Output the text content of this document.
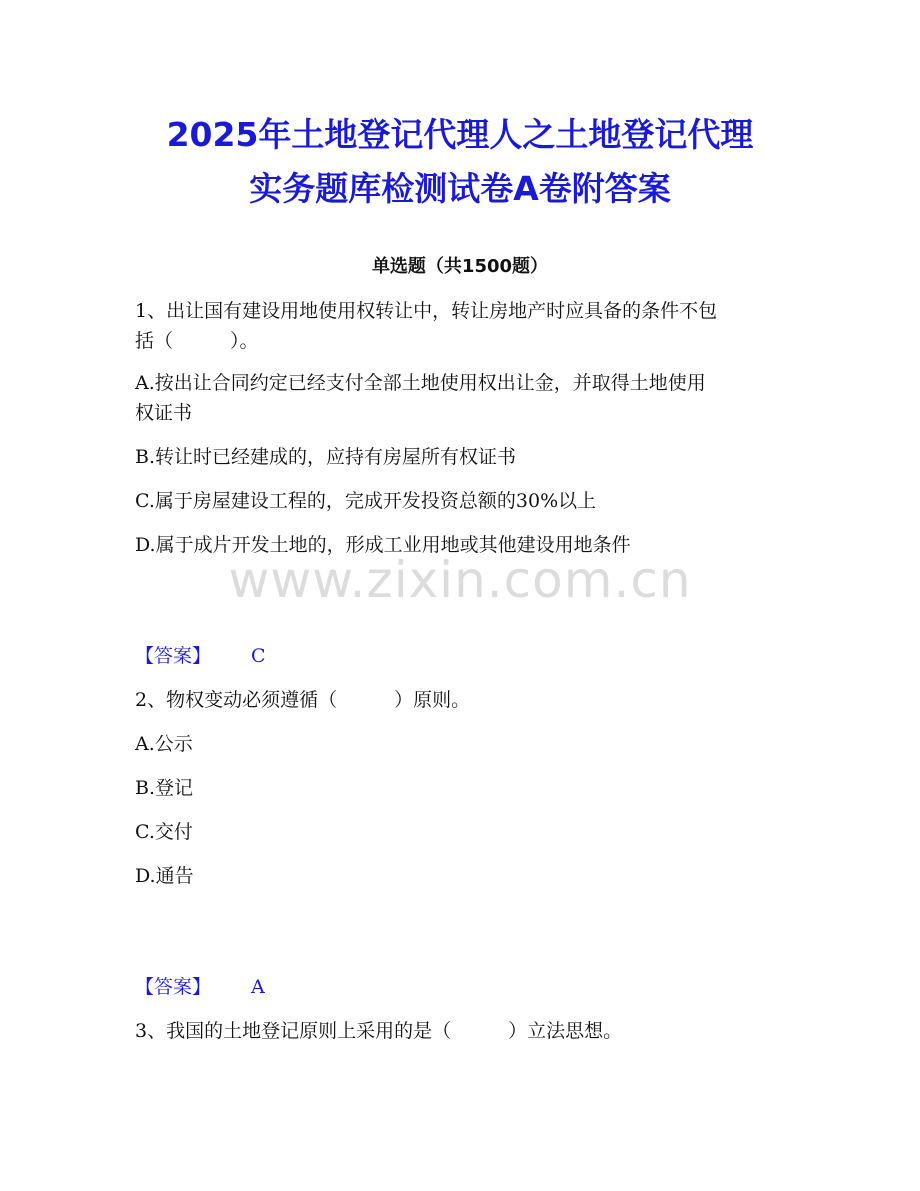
2025年土地登记代理人之土地登记代理
实务题库检测试卷A卷附答案
单选题（共1500题）
1、出让国有建设用地使用权转让中，转让房地产时应具备的条件不包
括（　　　）。
A.按出让合同约定已经支付全部土地使用权出让金，并取得土地使用
权证书
B.转让时已经建成的，应持有房屋所有权证书
C.属于房屋建设工程的，完成开发投资总额的30%以上
D.属于成片开发土地的，形成工业用地或其他建设用地条件
www.zixin.com.cn
【答案】 C
2、物权变动必须遵循（　　　）原则。
A.公示
B.登记
C.交付
D.通告
【答案】 A
3、我国的土地登记原则上采用的是（　　　）立法思想。
